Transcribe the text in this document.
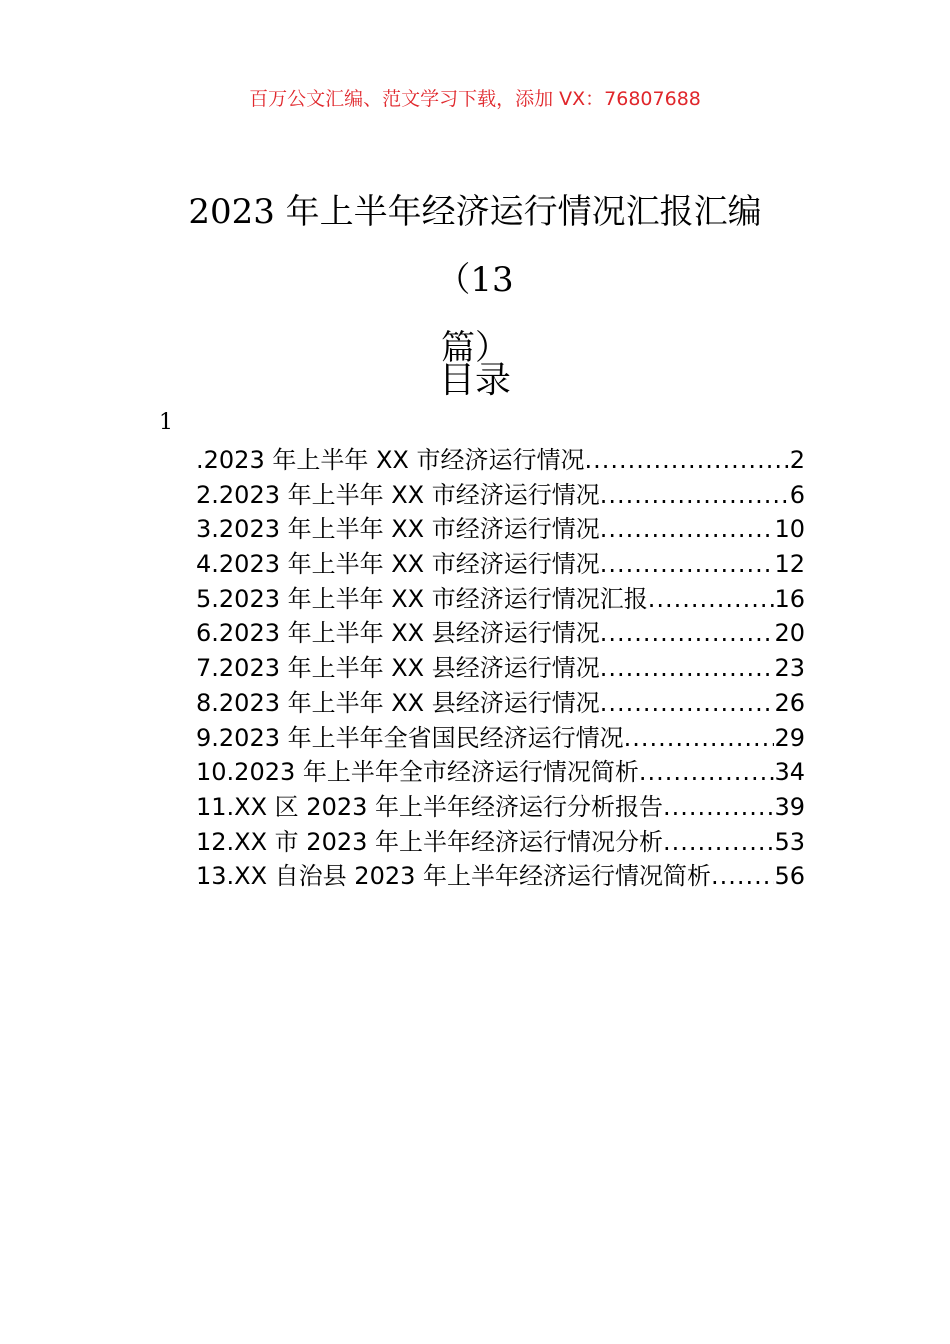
百万公文汇编、范文学习下载，添加 VX：76807688
2023 年上半年经济运行情况汇报汇编（13
篇）
目录
1
.2023 年上半年 XX 市经济运行情况 .....	2
2.2023 年上半年 XX 市经济运行情况 .....	6
3.2023 年上半年 XX 市经济运行情况 .....	10
4.2023 年上半年 XX 市经济运行情况 .....	12
5.2023 年上半年 XX 市经济运行情况汇报 .....	16
6.2023 年上半年 XX 县经济运行情况 .....	20
7.2023 年上半年 XX 县经济运行情况 .....	23
8.2023 年上半年 XX 县经济运行情况 .....	26
9.2023 年上半年全省国民经济运行情况 .....	29
10.2023 年上半年全市经济运行情况简析 .....	34
11.XX 区 2023 年上半年经济运行分析报告 .....	39
12.XX 市 2023 年上半年经济运行情况分析 .....	53
13.XX 自治县 2023 年上半年经济运行情况简析 .....	56
